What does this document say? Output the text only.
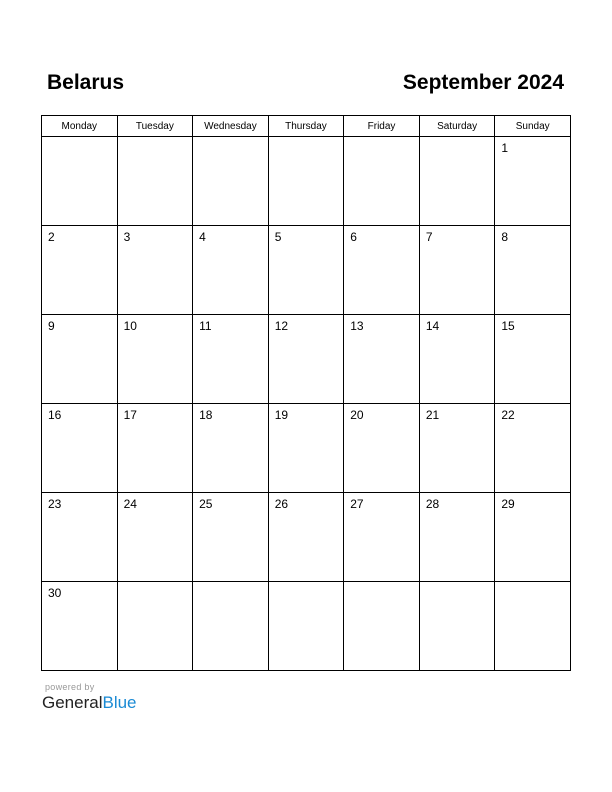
Belarus	September 2024
Monday	Tuesday	Wednesday	Thursday	Friday	Saturday	Sunday

						1

2	3	4	5	6	7	8

9	10	11	12	13	14	15

16	17	18	19	20	21	22

23	24	25	26	27	28	29

30						

powered by
GeneralBlue
